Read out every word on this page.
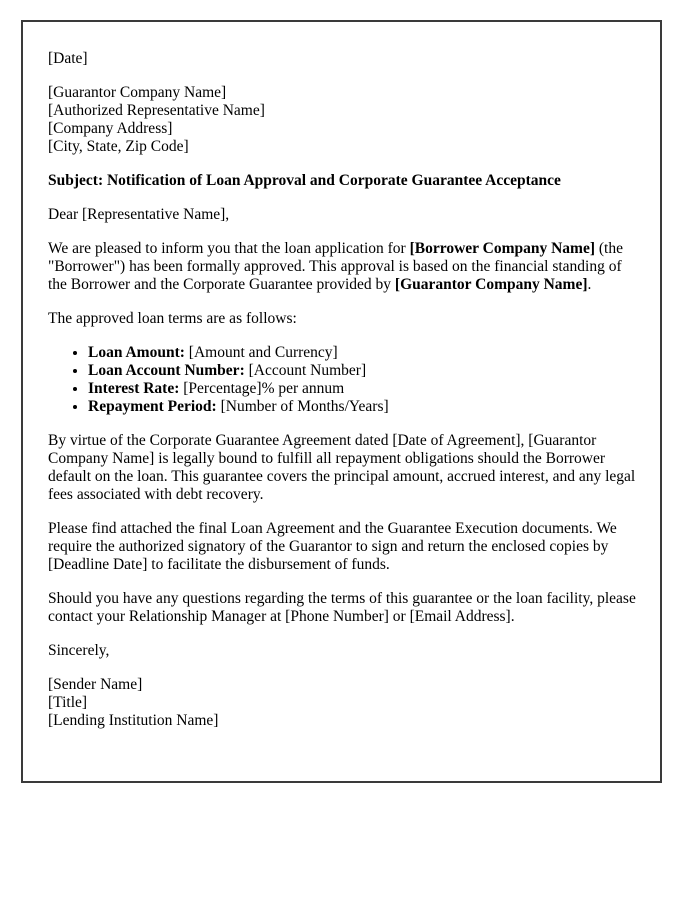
[Date]

[Guarantor Company Name]
[Authorized Representative Name]
[Company Address]
[City, State, Zip Code]

Subject: Notification of Loan Approval and Corporate Guarantee Acceptance

Dear [Representative Name],

We are pleased to inform you that the loan application for [Borrower Company Name] (the "Borrower") has been formally approved. This approval is based on the financial standing of the Borrower and the Corporate Guarantee provided by [Guarantor Company Name].

The approved loan terms are as follows:

• Loan Amount: [Amount and Currency]
• Loan Account Number: [Account Number]
• Interest Rate: [Percentage]% per annum
• Repayment Period: [Number of Months/Years]

By virtue of the Corporate Guarantee Agreement dated [Date of Agreement], [Guarantor Company Name] is legally bound to fulfill all repayment obligations should the Borrower default on the loan. This guarantee covers the principal amount, accrued interest, and any legal fees associated with debt recovery.

Please find attached the final Loan Agreement and the Guarantee Execution documents. We require the authorized signatory of the Guarantor to sign and return the enclosed copies by [Deadline Date] to facilitate the disbursement of funds.

Should you have any questions regarding the terms of this guarantee or the loan facility, please contact your Relationship Manager at [Phone Number] or [Email Address].

Sincerely,

[Sender Name]
[Title]
[Lending Institution Name]
